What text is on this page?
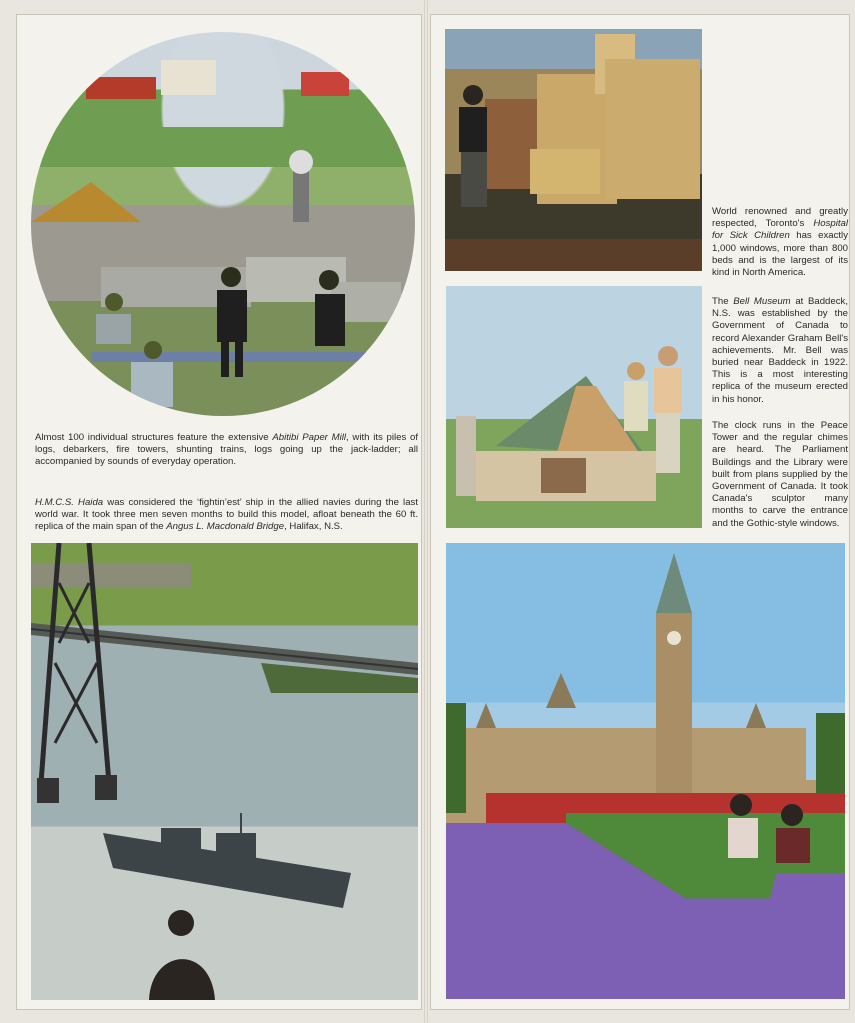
Almost 100 individual structures feature the extensive Abitibi Paper Mill, with its piles of logs, debarkers, fire towers, shunting trains, logs going up the jack-ladder; all accompanied by sounds of everyday operation.

H.M.C.S. Haida was considered the ‘fightin’est’ ship in the allied navies during the last world war. It took three men seven months to build this model, afloat beneath the 60 ft. replica of the main span of the Angus L. Macdonald Bridge, Halifax, N.S.

World renowned and greatly respected, Toronto's Hospital for Sick Children has exactly 1,000 windows, more than 800 beds and is the largest of its kind in North America.

The Bell Museum at Baddeck, N.S. was established by the Government of Canada to record Alexander Graham Bell's achievements. Mr. Bell was buried near Baddeck in 1922. This is a most interesting replica of the museum erected in his honor.

The clock runs in the Peace Tower and the regular chimes are heard. The Parliament Buildings and the Library were built from plans supplied by the Government of Canada. It took Canada's sculptor many months to carve the entrance and the Gothic-style windows.
